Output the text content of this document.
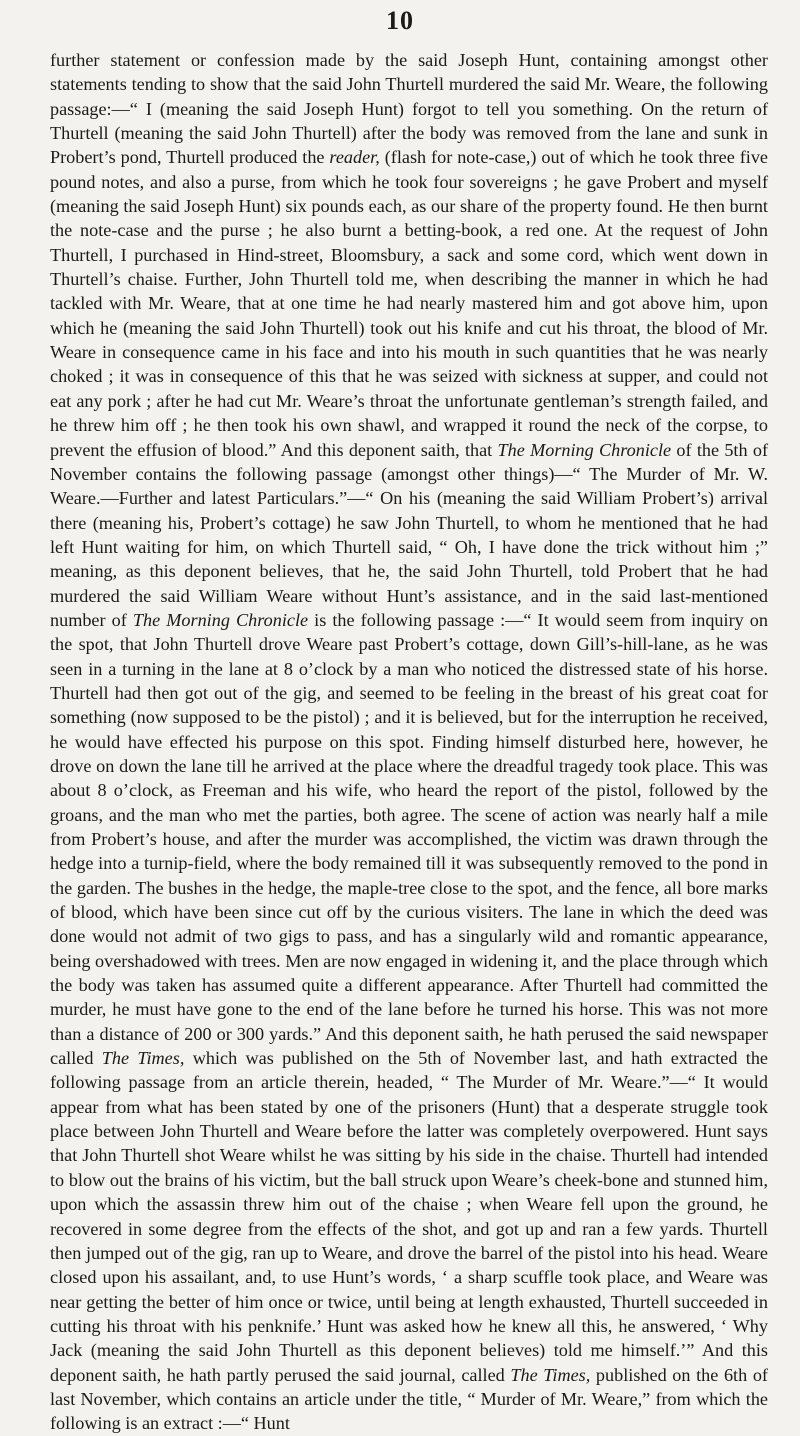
10

further statement or confession made by the said Joseph Hunt, containing amongst other statements tending to show that the said John Thurtell murdered the said Mr. Weare, the following passage:—“ I (meaning the said Joseph Hunt) forgot to tell you something. On the return of Thurtell (meaning the said John Thurtell) after the body was removed from the lane and sunk in Probert’s pond, Thurtell produced the reader, (flash for note-case,) out of which he took three five pound notes, and also a purse, from which he took four sovereigns ; he gave Probert and myself (meaning the said Joseph Hunt) six pounds each, as our share of the property found. He then burnt the note-case and the purse ; he also burnt a betting-book, a red one. At the request of John Thurtell, I purchased in Hind-street, Bloomsbury, a sack and some cord, which went down in Thurtell’s chaise. Further, John Thurtell told me, when describing the manner in which he had tackled with Mr. Weare, that at one time he had nearly mastered him and got above him, upon which he (meaning the said John Thurtell) took out his knife and cut his throat, the blood of Mr. Weare in consequence came in his face and into his mouth in such quantities that he was nearly choked ; it was in consequence of this that he was seized with sickness at supper, and could not eat any pork ; after he had cut Mr. Weare’s throat the unfortunate gentleman’s strength failed, and he threw him off ; he then took his own shawl, and wrapped it round the neck of the corpse, to prevent the effusion of blood.” And this deponent saith, that The Morning Chronicle of the 5th of November contains the following passage (amongst other things)—“ The Murder of Mr. W. Weare.—Further and latest Particulars.”—“ On his (meaning the said William Probert’s) arrival there (meaning his, Probert’s cottage) he saw John Thurtell, to whom he mentioned that he had left Hunt waiting for him, on which Thurtell said, “ Oh, I have done the trick without him ;” meaning, as this deponent believes, that he, the said John Thurtell, told Probert that he had murdered the said William Weare without Hunt’s assistance, and in the said last-mentioned number of The Morning Chronicle is the following passage :—“ It would seem from inquiry on the spot, that John Thurtell drove Weare past Probert’s cottage, down Gill’s-hill-lane, as he was seen in a turning in the lane at 8 o’clock by a man who noticed the distressed state of his horse. Thurtell had then got out of the gig, and seemed to be feeling in the breast of his great coat for something (now supposed to be the pistol) ; and it is believed, but for the interruption he received, he would have effected his purpose on this spot. Finding himself disturbed here, however, he drove on down the lane till he arrived at the place where the dreadful tragedy took place. This was about 8 o’clock, as Freeman and his wife, who heard the report of the pistol, followed by the groans, and the man who met the parties, both agree. The scene of action was nearly half a mile from Probert’s house, and after the murder was accomplished, the victim was drawn through the hedge into a turnip-field, where the body remained till it was subsequently removed to the pond in the garden. The bushes in the hedge, the maple-tree close to the spot, and the fence, all bore marks of blood, which have been since cut off by the curious visiters. The lane in which the deed was done would not admit of two gigs to pass, and has a singularly wild and romantic appearance, being overshadowed with trees. Men are now engaged in widening it, and the place through which the body was taken has assumed quite a different appearance. After Thurtell had committed the murder, he must have gone to the end of the lane before he turned his horse. This was not more than a distance of 200 or 300 yards.” And this deponent saith, he hath perused the said newspaper called The Times, which was published on the 5th of November last, and hath extracted the following passage from an article therein, headed, “ The Murder of Mr. Weare.”—“ It would appear from what has been stated by one of the prisoners (Hunt) that a desperate struggle took place between John Thurtell and Weare before the latter was completely overpowered. Hunt says that John Thurtell shot Weare whilst he was sitting by his side in the chaise. Thurtell had intended to blow out the brains of his victim, but the ball struck upon Weare’s cheek-bone and stunned him, upon which the assassin threw him out of the chaise ; when Weare fell upon the ground, he recovered in some degree from the effects of the shot, and got up and ran a few yards. Thurtell then jumped out of the gig, ran up to Weare, and drove the barrel of the pistol into his head. Weare closed upon his assailant, and, to use Hunt’s words, ‘ a sharp scuffle took place, and Weare was near getting the better of him once or twice, until being at length exhausted, Thurtell succeeded in cutting his throat with his penknife.’ Hunt was asked how he knew all this, he answered, ‘ Why Jack (meaning the said John Thurtell as this deponent believes) told me himself.’” And this deponent saith, he hath partly perused the said journal, called The Times, published on the 6th of last November, which contains an article under the title, “ Murder of Mr. Weare,” from which the following is an extract :—“ Hunt
